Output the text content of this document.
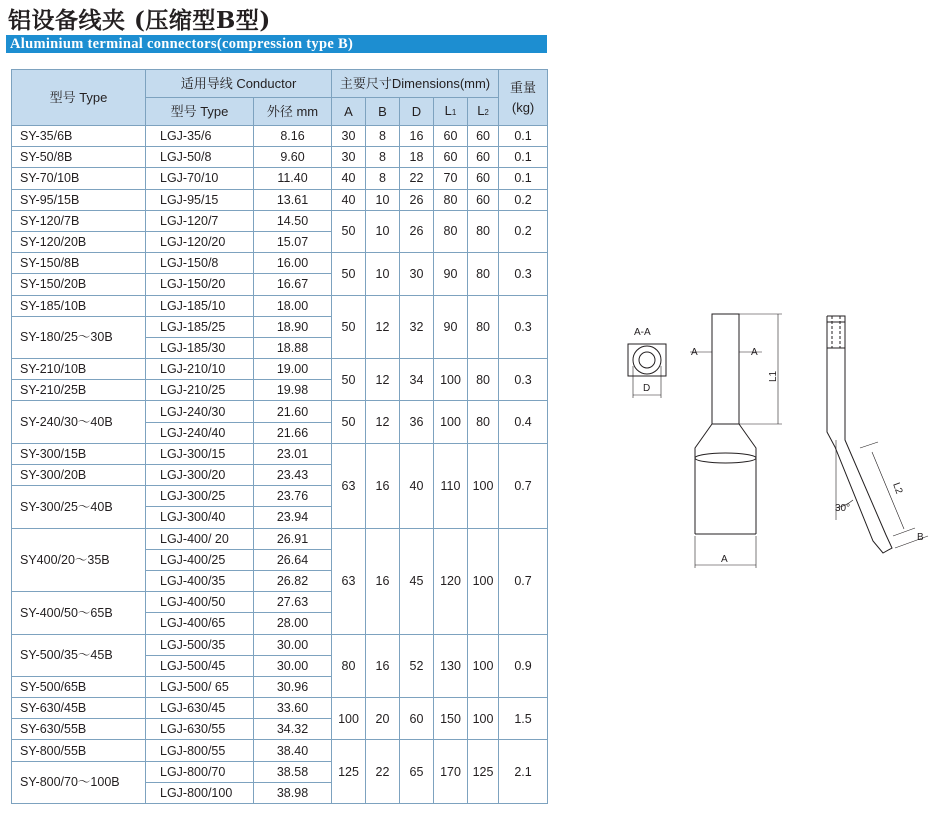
铝设备线夹 (压缩型B型)
Aluminium terminal connectors(compression type B)
型号 Type	适用导线 Conductor		主要尺寸Dimensions(mm)					重量
(kg)
	型号 Type	外径 mm	A	B	D	L1	L2	
SY-35/6B	LGJ-35/6	8.16	30	8	16	60	60	0.1
SY-50/8B	LGJ-50/8	9.60	30	8	18	60	60	0.1
SY-70/10B	LGJ-70/10	11.40	40	8	22	70	60	0.1
SY-95/15B	LGJ-95/15	13.61	40	10	26	80	60	0.2
SY-120/7B	LGJ-120/7	14.50	50	10	26	80	80	0.2
SY-120/20B	LGJ-120/20	15.07						
SY-150/8B	LGJ-150/8	16.00	50	10	30	90	80	0.3
SY-150/20B	LGJ-150/20	16.67						
SY-185/10B	LGJ-185/10	18.00	50	12	32	90	80	0.3
SY-180/25～30B	LGJ-185/25	18.90						
	LGJ-185/30	18.88						
SY-210/10B	LGJ-210/10	19.00	50	12	34	100	80	0.3
SY-210/25B	LGJ-210/25	19.98						
SY-240/30～40B	LGJ-240/30	21.60	50	12	36	100	80	0.4
	LGJ-240/40	21.66						
SY-300/15B	LGJ-300/15	23.01	63	16	40	110	100	0.7
SY-300/20B	LGJ-300/20	23.43						
SY-300/25～40B	LGJ-300/25	23.76						
	LGJ-300/40	23.94						
SY400/20～35B	LGJ-400/ 20	26.91	63	16	45	120	100	0.7
	LGJ-400/25	26.64						
	LGJ-400/35	26.82						
SY-400/50～65B	LGJ-400/50	27.63						
	LGJ-400/65	28.00						
SY-500/35～45B	LGJ-500/35	30.00	80	16	52	130	100	0.9
	LGJ-500/45	30.00						
SY-500/65B	LGJ-500/ 65	30.96						
SY-630/45B	LGJ-630/45	33.60	100	20	60	150	100	1.5
SY-630/55B	LGJ-630/55	34.32						
SY-800/55B	LGJ-800/55	38.40	125	22	65	170	125	2.1
SY-800/70～100B	LGJ-800/70	38.58						
	LGJ-800/100	38.98						
A-A
D
A	A
A
L1
L2
30°
B
